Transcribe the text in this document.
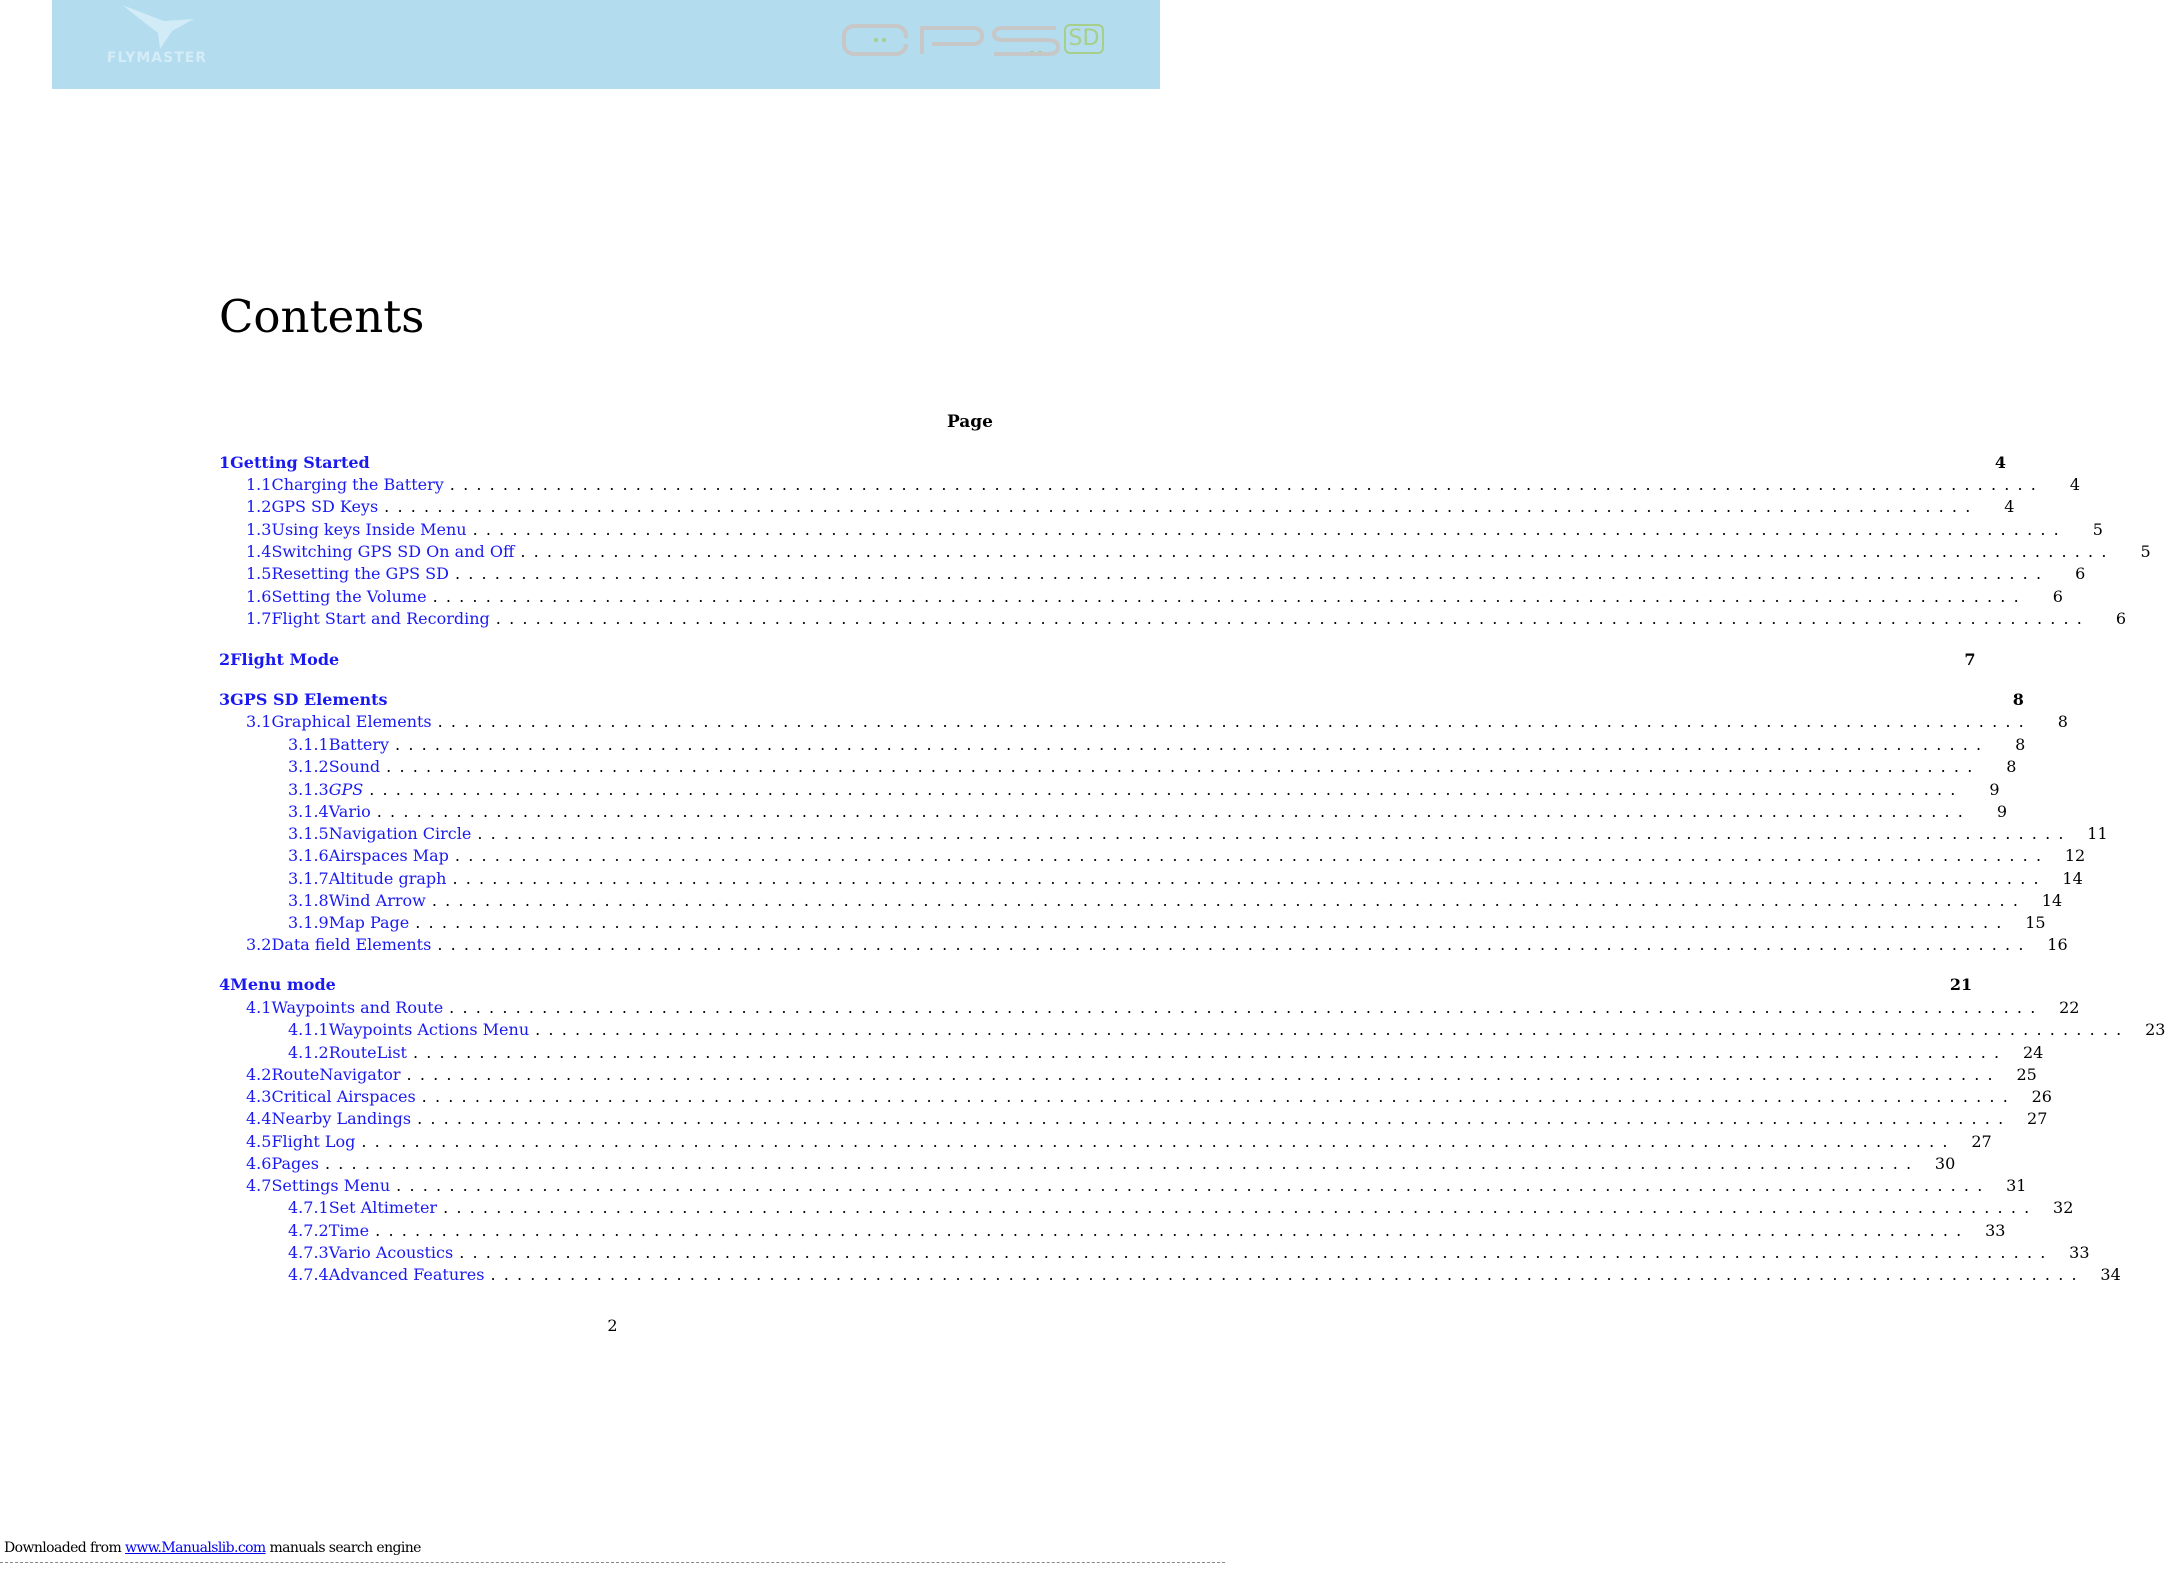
FLYMASTER
SD
Contents
Page
1 Getting Started	4
1.1 Charging the Battery ........................................................................................................................	4
1.2 GPS SD Keys ........................................................................................................................	4
1.3 Using keys Inside Menu ........................................................................................................................	5
1.4 Switching GPS SD On and Off ........................................................................................................................	5
1.5 Resetting the GPS SD ........................................................................................................................	6
1.6 Setting the Volume ........................................................................................................................	6
1.7 Flight Start and Recording ........................................................................................................................	6
2 Flight Mode	7
3 GPS SD Elements	8
3.1 Graphical Elements ........................................................................................................................	8
3.1.1 Battery ........................................................................................................................	8
3.1.2 Sound ........................................................................................................................	8
3.1.3 GPS ........................................................................................................................	9
3.1.4 Vario ........................................................................................................................	9
3.1.5 Navigation Circle ........................................................................................................................ 11
3.1.6 Airspaces Map ........................................................................................................................ 12
3.1.7 Altitude graph ........................................................................................................................ 14
3.1.8 Wind Arrow ........................................................................................................................ 14
3.1.9 Map Page ........................................................................................................................ 15
3.2 Data field Elements ........................................................................................................................ 16
4 Menu mode	21
4.1 Waypoints and Route ........................................................................................................................ 22
4.1.1 Waypoints Actions Menu ........................................................................................................................ 23
4.1.2 RouteList ........................................................................................................................ 24
4.2 RouteNavigator ........................................................................................................................ 25
4.3 Critical Airspaces ........................................................................................................................ 26
4.4 Nearby Landings ........................................................................................................................ 27
4.5 Flight Log ........................................................................................................................ 27
4.6 Pages ........................................................................................................................ 30
4.7 Settings Menu ........................................................................................................................ 31
4.7.1 Set Altimeter ........................................................................................................................ 32
4.7.2 Time ........................................................................................................................ 33
4.7.3 Vario Acoustics ........................................................................................................................ 33
4.7.4 Advanced Features ........................................................................................................................ 34
2
Downloaded from www.Manualslib.com manuals search engine
